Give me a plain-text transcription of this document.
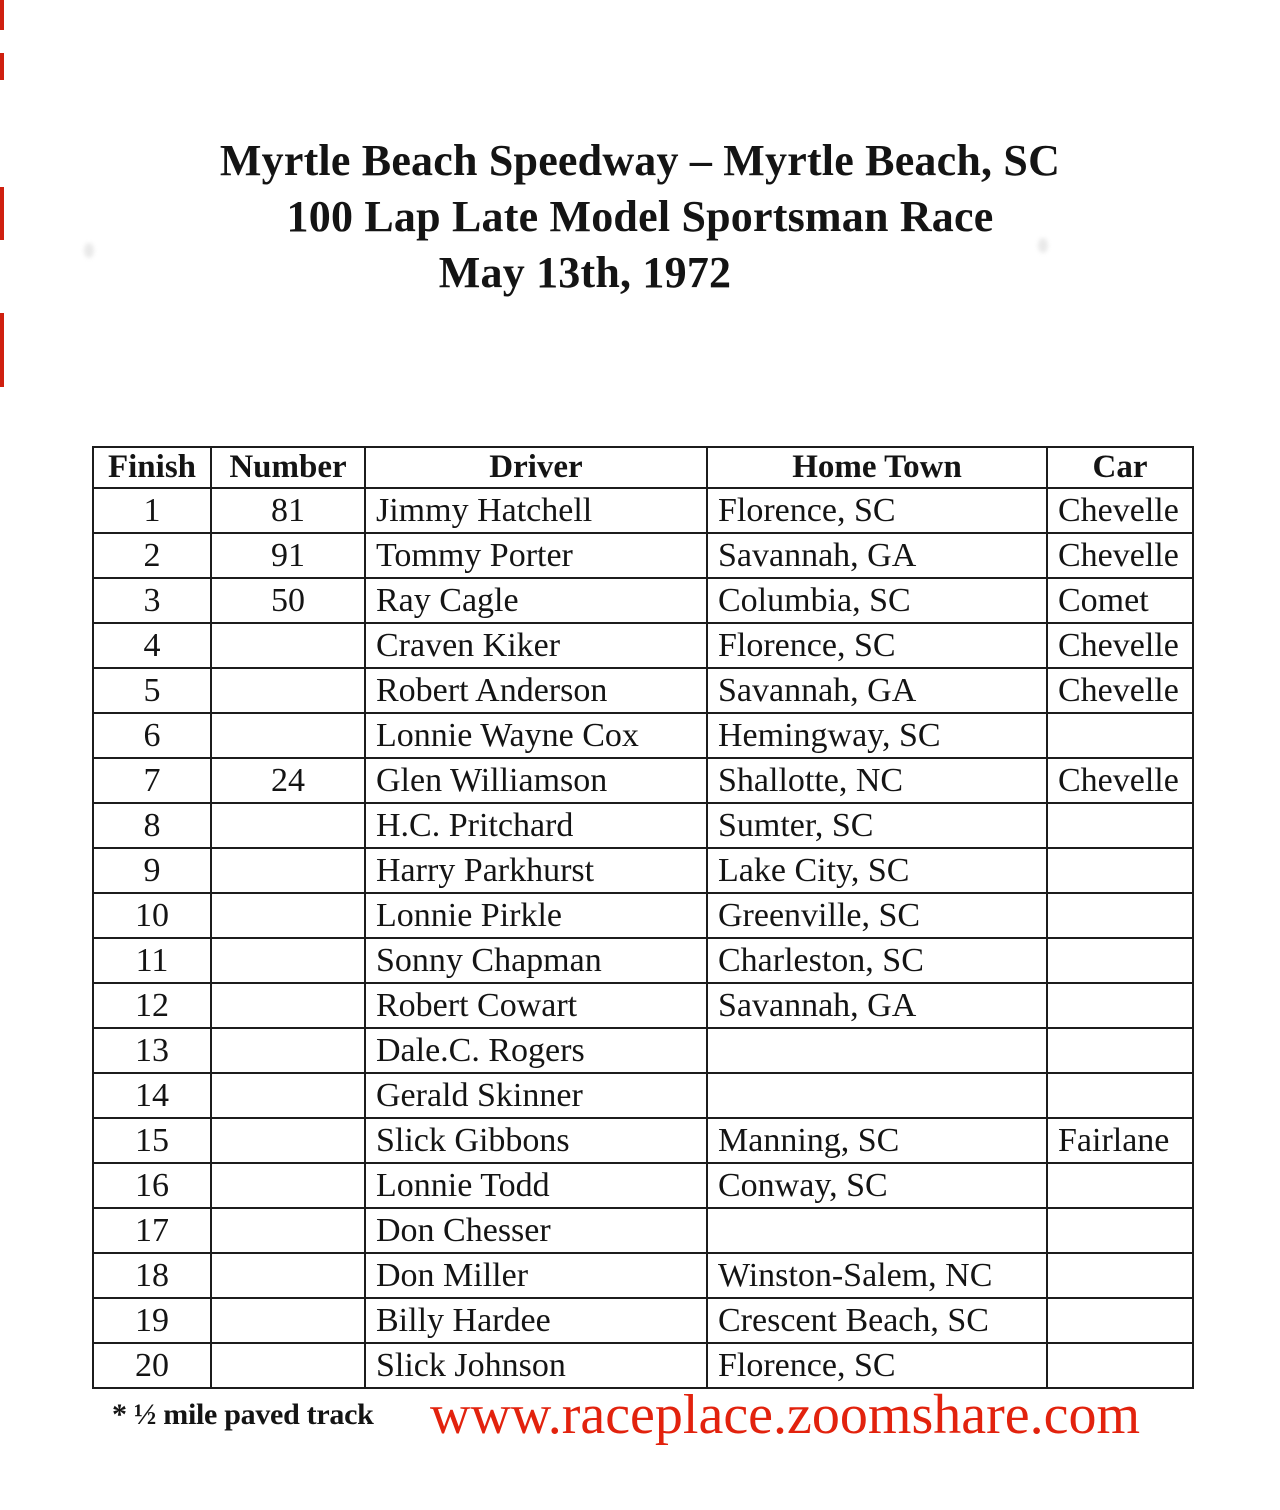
Myrtle Beach Speedway – Myrtle Beach, SC
100 Lap Late Model Sportsman Race
May 13th, 1972
Finish	Number	Driver	Home Town	Car
1	81	Jimmy Hatchell	Florence, SC	Chevelle
2	91	Tommy Porter	Savannah, GA	Chevelle
3	50	Ray Cagle	Columbia, SC	Comet
4		Craven Kiker	Florence, SC	Chevelle
5		Robert Anderson	Savannah, GA	Chevelle
6		Lonnie Wayne Cox	Hemingway, SC	
7	24	Glen Williamson	Shallotte, NC	Chevelle
8		H.C. Pritchard	Sumter, SC	
9		Harry Parkhurst	Lake City, SC	
10		Lonnie Pirkle	Greenville, SC	
11		Sonny Chapman	Charleston, SC	
12		Robert Cowart	Savannah, GA	
13		Dale.C. Rogers		
14		Gerald Skinner		
15		Slick Gibbons	Manning, SC	Fairlane
16		Lonnie Todd	Conway, SC	
17		Don Chesser		
18		Don Miller	Winston-Salem, NC	
19		Billy Hardee	Crescent Beach, SC	
20		Slick Johnson	Florence, SC	
* ½ mile paved track www.raceplace.zoomshare.com
